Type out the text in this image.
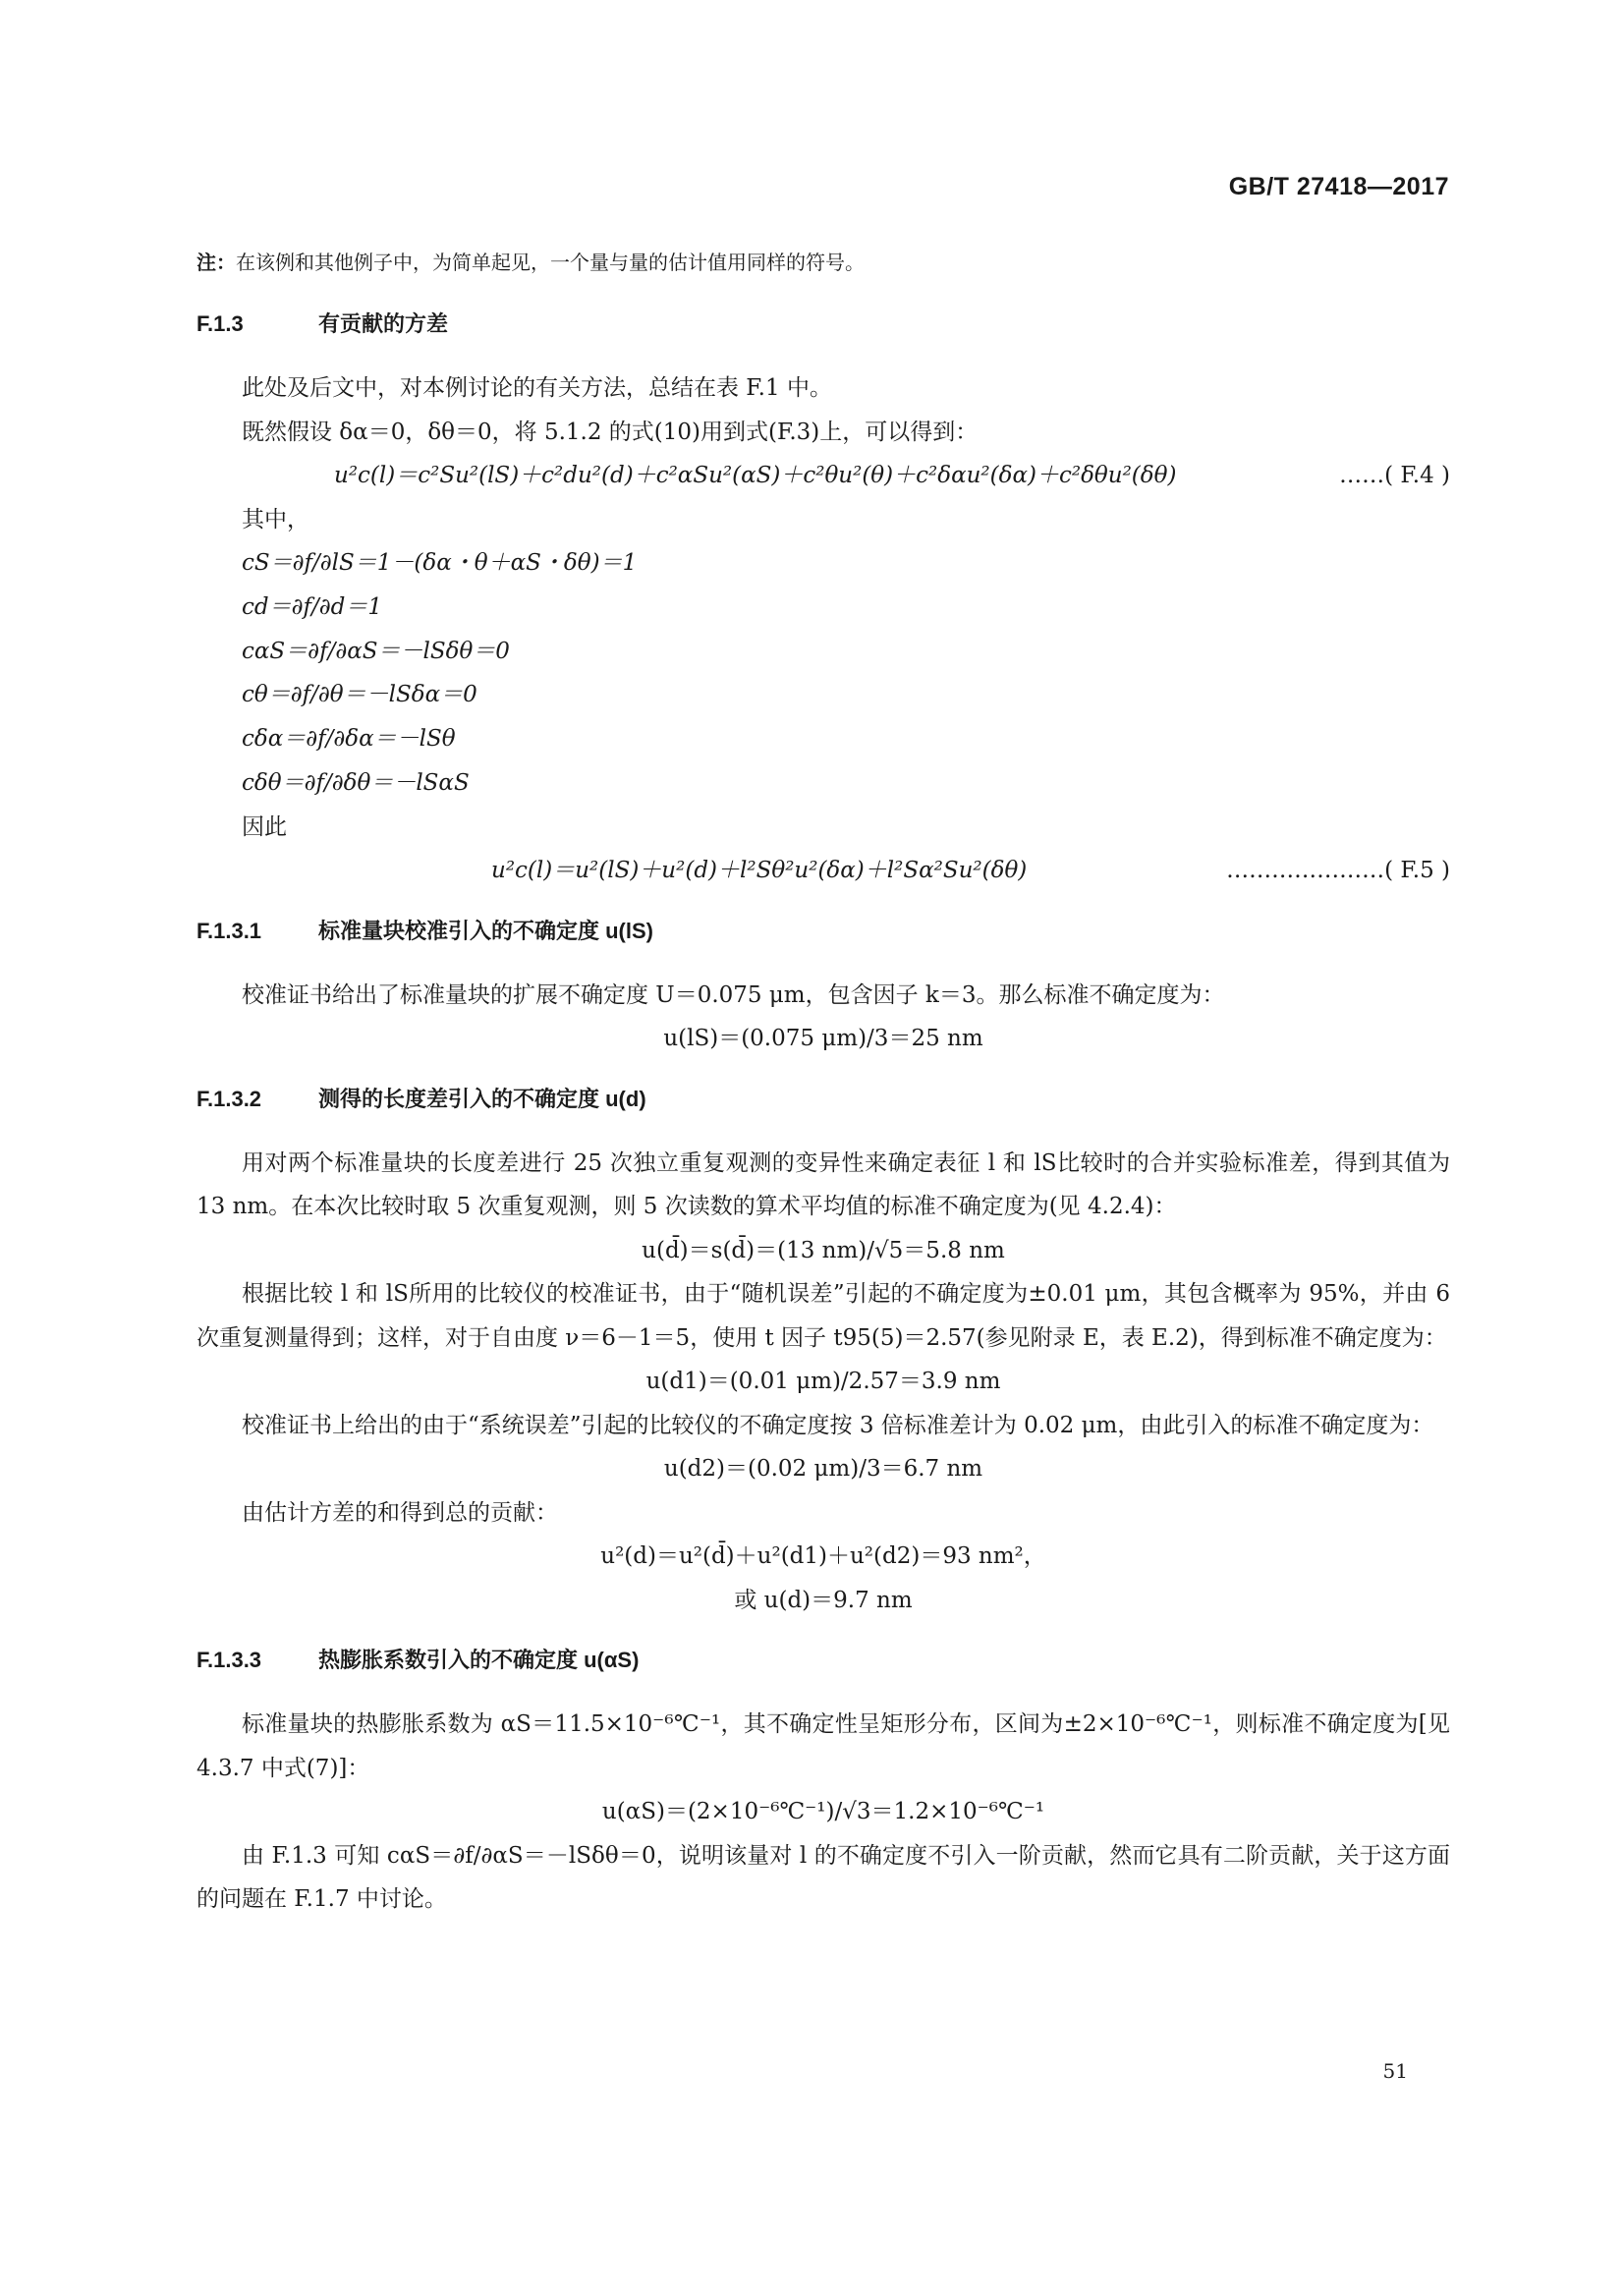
GB/T 27418—2017

注：在该例和其他例子中，为简单起见，一个量与量的估计值用同样的符号。

F.1.3	有贡献的方差

此处及后文中，对本例讨论的有关方法，总结在表 F.1 中。

既然假设 δα＝0，δθ＝0，将 5.1.2 的式(10)用到式(F.3)上，可以得到：

u²c(l)＝c²Su²(lS)＋c²du²(d)＋c²αSu²(αS)＋c²θu²(θ)＋c²δαu²(δα)＋c²δθu²(δθ)	……( F.4 )

其中，

cS＝∂f/∂lS＝1－(δα・θ＋αS・δθ)＝1
cd＝∂f/∂d＝1
cαS＝∂f/∂αS＝－lSδθ＝0
cθ＝∂f/∂θ＝－lSδα＝0
cδα＝∂f/∂δα＝－lSθ
cδθ＝∂f/∂δθ＝－lSαS

因此

u²c(l)＝u²(lS)＋u²(d)＋l²Sθ²u²(δα)＋l²Sα²Su²(δθ)	…………………( F.5 )
F.1.3.1	标准量块校准引入的不确定度 u(lS)

校准证书给出了标准量块的扩展不确定度 U＝0.075 μm，包含因子 k＝3。那么标准不确定度为：

u(lS)＝(0.075 μm)/3＝25 nm
F.1.3.2	测得的长度差引入的不确定度 u(d)

用对两个标准量块的长度差进行 25 次独立重复观测的变异性来确定表征 l 和 lS比较时的合并实验标准差，得到其值为 13 nm。在本次比较时取 5 次重复观测，则 5 次读数的算术平均值的标准不确定度为(见 4.2.4)：

u(d̄)＝s(d̄)＝(13 nm)/√5＝5.8 nm

根据比较 l 和 lS所用的比较仪的校准证书，由于“随机误差”引起的不确定度为±0.01 μm，其包含概率为 95%，并由 6 次重复测量得到；这样，对于自由度 ν＝6－1＝5，使用 t 因子 t95(5)＝2.57(参见附录 E，表 E.2)，得到标准不确定度为：

u(d1)＝(0.01 μm)/2.57＝3.9 nm

校准证书上给出的由于“系统误差”引起的比较仪的不确定度按 3 倍标准差计为 0.02 μm，由此引入的标准不确定度为：

u(d2)＝(0.02 μm)/3＝6.7 nm

由估计方差的和得到总的贡献：

u²(d)＝u²(d̄)＋u²(d1)＋u²(d2)＝93 nm²，
或 u(d)＝9.7 nm
F.1.3.3	热膨胀系数引入的不确定度 u(αS)

标准量块的热膨胀系数为 αS＝11.5×10⁻⁶℃⁻¹，其不确定性呈矩形分布，区间为±2×10⁻⁶℃⁻¹，则标准不确定度为[见 4.3.7 中式(7)]：

u(αS)＝(2×10⁻⁶℃⁻¹)/√3＝1.2×10⁻⁶℃⁻¹

由 F.1.3 可知 cαS＝∂f/∂αS＝－lSδθ＝0，说明该量对 l 的不确定度不引入一阶贡献，然而它具有二阶贡献，关于这方面的问题在 F.1.7 中讨论。

51
